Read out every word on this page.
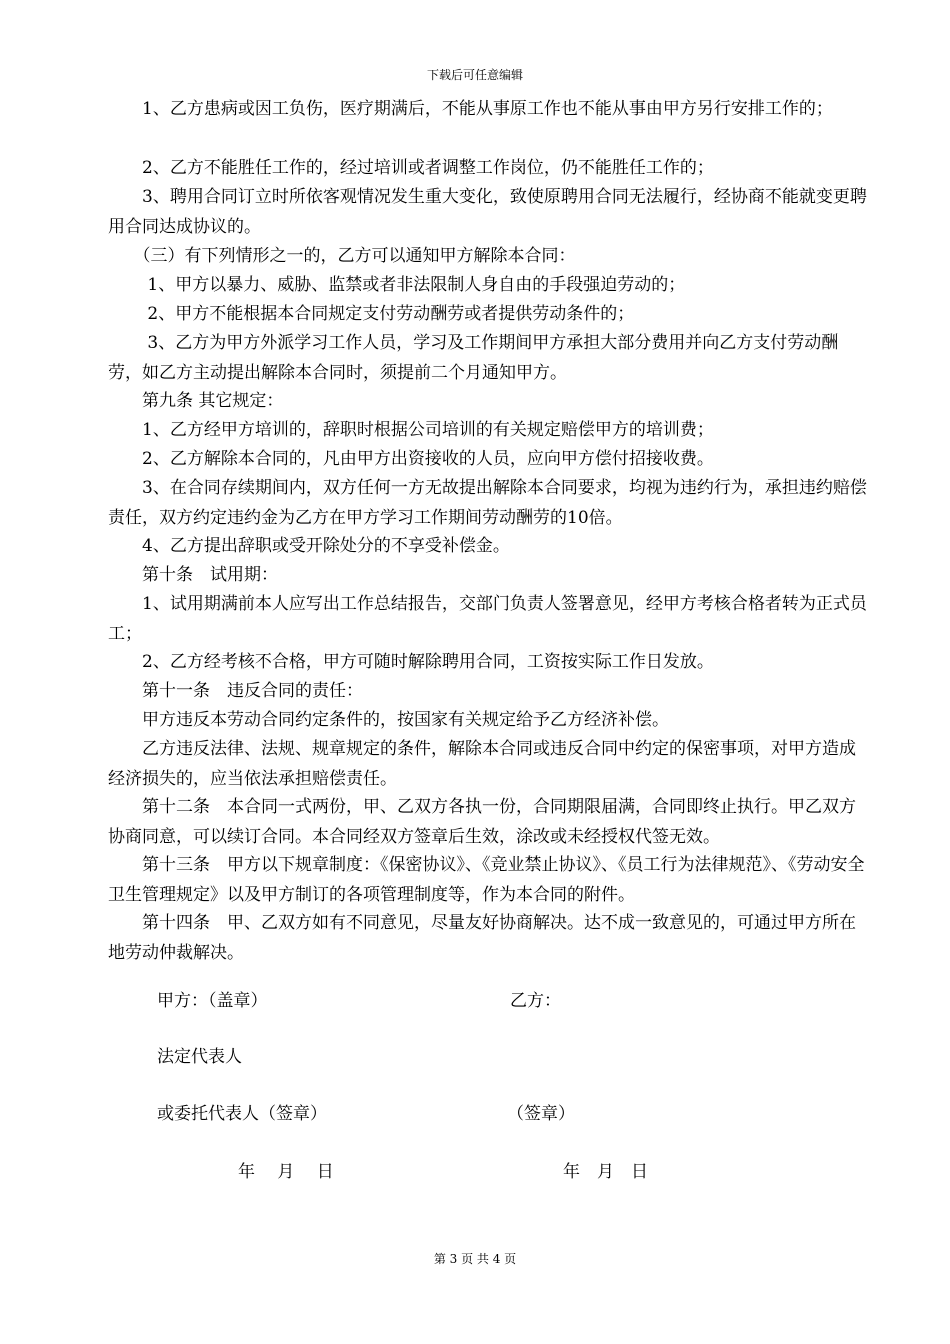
下载后可任意编辑

　　1、乙方患病或因工负伤，医疗期满后，不能从事原工作也不能从事由甲方另行安排工作的；

　　2、乙方不能胜任工作的，经过培训或者调整工作岗位，仍不能胜任工作的；

　　3、聘用合同订立时所依客观情况发生重大变化，致使原聘用合同无法履行，经协商不能就变更聘用合同达成协议的。

　　（三）有下列情形之一的，乙方可以通知甲方解除本合同：

　　 1、甲方以暴力、威胁、监禁或者非法限制人身自由的手段强迫劳动的；

　　 2、甲方不能根据本合同规定支付劳动酬劳或者提供劳动条件的；

　　 3、乙方为甲方外派学习工作人员，学习及工作期间甲方承担大部分费用并向乙方支付劳动酬劳，如乙方主动提出解除本合同时，须提前二个月通知甲方。

　　第九条 其它规定：

　　1、乙方经甲方培训的，辞职时根据公司培训的有关规定赔偿甲方的培训费；

　　2、乙方解除本合同的，凡由甲方出资接收的人员，应向甲方偿付招接收费。

　　3、在合同存续期间内，双方任何一方无故提出解除本合同要求，均视为违约行为，承担违约赔偿责任，双方约定违约金为乙方在甲方学习工作期间劳动酬劳的10倍。

　　4、乙方提出辞职或受开除处分的不享受补偿金。

　　第十条　试用期：

　　1、试用期满前本人应写出工作总结报告，交部门负责人签署意见，经甲方考核合格者转为正式员工；

　　2、乙方经考核不合格，甲方可随时解除聘用合同，工资按实际工作日发放。

　　第十一条　违反合同的责任：

　　甲方违反本劳动合同约定条件的，按国家有关规定给予乙方经济补偿。

　　乙方违反法律、法规、规章规定的条件，解除本合同或违反合同中约定的保密事项，对甲方造成经济损失的，应当依法承担赔偿责任。

　　第十二条　本合同一式两份，甲、乙双方各执一份，合同期限届满，合同即终止执行。甲乙双方协商同意，可以续订合同。本合同经双方签章后生效，涂改或未经授权代签无效。

　　第十三条　甲方以下规章制度：《保密协议》、《竞业禁止协议》、《员工行为法律规范》、《劳动安全卫生管理规定》以及甲方制订的各项管理制度等，作为本合同的附件。

　　第十四条　甲、乙双方如有不同意见，尽量友好协商解决。达不成一致意见的，可通过甲方所在地劳动仲裁解决。

甲方：（盖章）	乙方：
法定代表人
或委托代表人（签章）	（签章）
年　 月　 日	年　月　日
第 3 页 共 4 页
